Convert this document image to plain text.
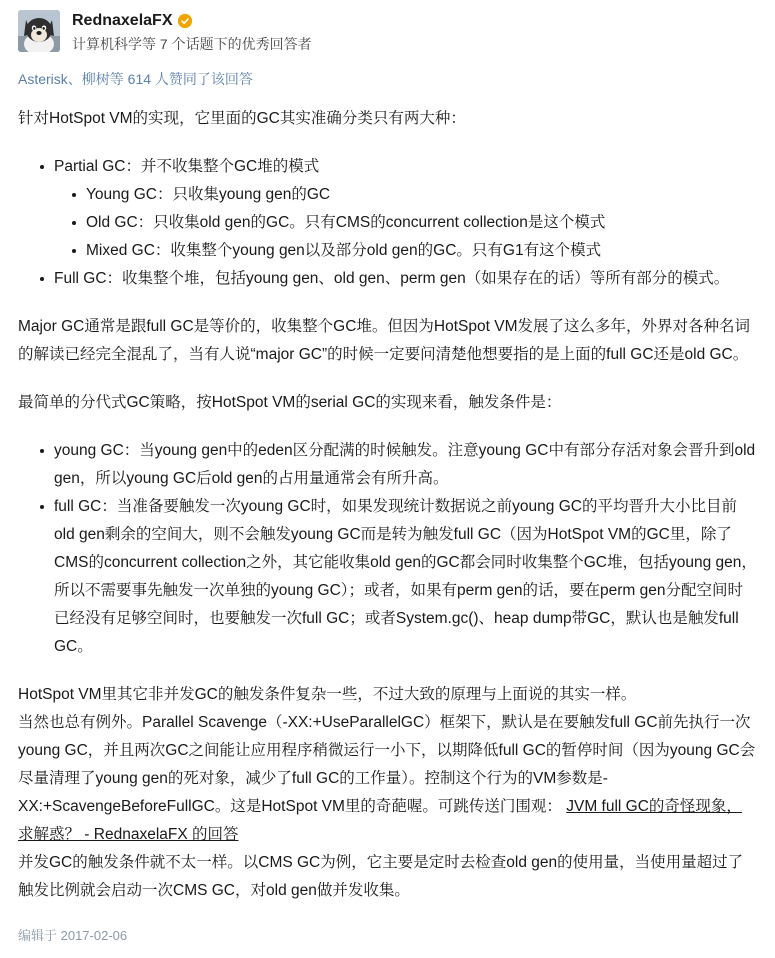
RednaxelaFX
计算机科学等 7 个话题下的优秀回答者
Asterisk、柳树等 614 人赞同了该回答

针对HotSpot VM的实现，它里面的GC其实准确分类只有两大种：

Partial GC：并不收集整个GC堆的模式
Young GC：只收集young gen的GC
Old GC：只收集old gen的GC。只有CMS的concurrent collection是这个模式
Mixed GC：收集整个young gen以及部分old gen的GC。只有G1有这个模式
Full GC：收集整个堆，包括young gen、old gen、perm gen（如果存在的话）等所有部分的模式。

Major GC通常是跟full GC是等价的，收集整个GC堆。但因为HotSpot VM发展了这么多年，外界对各种名词的解读已经完全混乱了，当有人说“major GC”的时候一定要问清楚他想要指的是上面的full GC还是old GC。

最简单的分代式GC策略，按HotSpot VM的serial GC的实现来看，触发条件是：

young GC：当young gen中的eden区分配满的时候触发。注意young GC中有部分存活对象会晋升到old gen，所以young GC后old gen的占用量通常会有所升高。
full GC：当准备要触发一次young GC时，如果发现统计数据说之前young GC的平均晋升大小比目前old gen剩余的空间大，则不会触发young GC而是转为触发full GC（因为HotSpot VM的GC里，除了CMS的concurrent collection之外，其它能收集old gen的GC都会同时收集整个GC堆，包括young gen，所以不需要事先触发一次单独的young GC）；或者，如果有perm gen的话，要在perm gen分配空间时已经没有足够空间时，也要触发一次full GC；或者System.gc()、heap dump带GC，默认也是触发full GC。

HotSpot VM里其它非并发GC的触发条件复杂一些，不过大致的原理与上面说的其实一样。

当然也总有例外。Parallel Scavenge（-XX:+UseParallelGC）框架下，默认是在要触发full GC前先执行一次young GC，并且两次GC之间能让应用程序稍微运行一小下，以期降低full GC的暂停时间（因为young GC会尽量清理了young gen的死对象，减少了full GC的工作量）。控制这个行为的VM参数是-XX:+ScavengeBeforeFullGC。这是HotSpot VM里的奇葩喔。可跳传送门围观： JVM full GC的奇怪现象，求解惑？ - RednaxelaFX 的回答

并发GC的触发条件就不太一样。以CMS GC为例，它主要是定时去检查old gen的使用量，当使用量超过了触发比例就会启动一次CMS GC，对old gen做并发收集。

编辑于 2017-02-06
